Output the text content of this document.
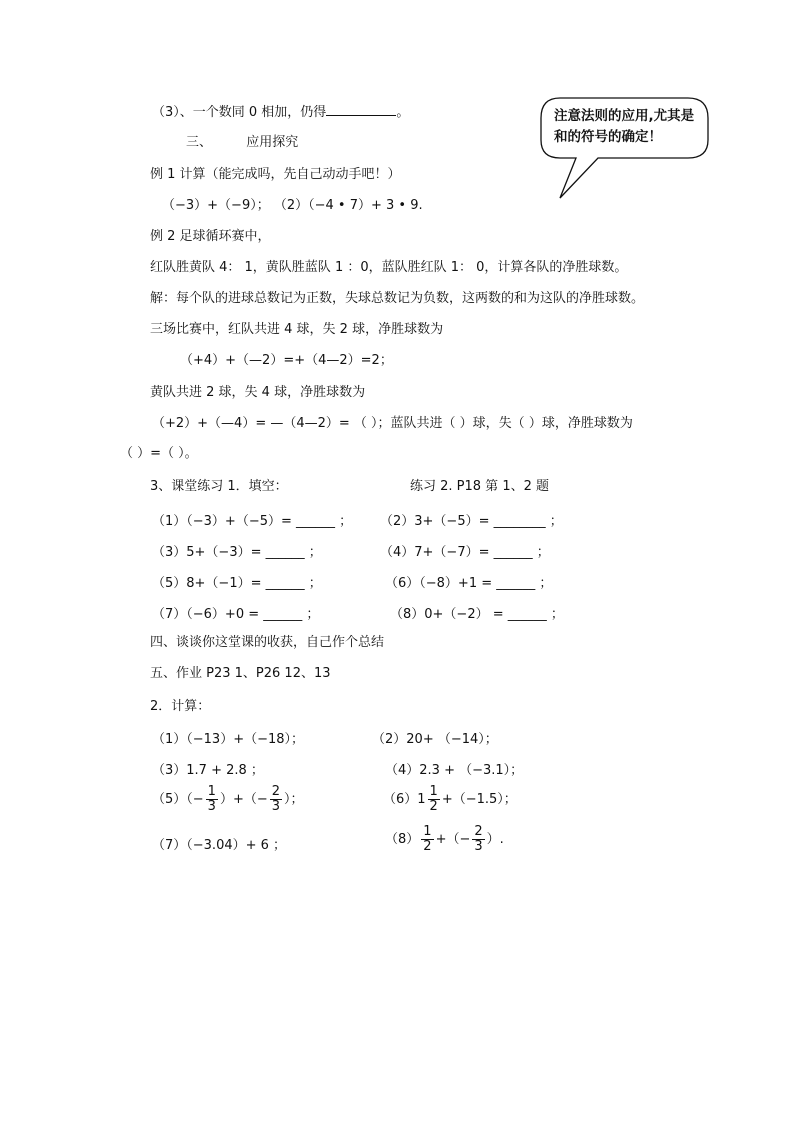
注意法则的应用,尤其是和的符号的确定！
（3）、一个数同 0 相加，仍得	。
三、	应用探究
例 1 计算（能完成吗，先自己动动手吧！）
（−3）+（−9）； （2）（−4 • 7）+ 3 • 9.
例 2 足球循环赛中，
红队胜黄队 4： 1，黄队胜蓝队 1 ：0，蓝队胜红队 1： 0，计算各队的净胜球数。
解：每个队的进球总数记为正数，失球总数记为负数，这两数的和为这队的净胜球数。
三场比赛中，红队共进 4 球，失 2 球，净胜球数为
（+4）+（—2）=+（4—2）=2；
黄队共进 2 球，失 4 球，净胜球数为
（+2）+（—4）= —（4—2）= （ ）；蓝队共进（ ）球，失（ ）球，净胜球数为
（ ）=（ ）。
3、课堂练习 1．填空：	练习 2. P18 第 1、2 题
（1）（−3）+（−5）= ______ ； （2）3+（−5）= ________ ；
（3）5+（−3）= ______ ；	（4）7+（−7）= ______ ；
（5）8+（−1）= ______ ；	（6）（−8）+1 = ______ ；
（7）（−6）+0 = ______ ；	（8）0+（−2） = ______ ；
四、谈谈你这堂课的收获，自己作个总结
五、作业 P23 1、P26 12、13
2．计算：
（1）（−13）+（−18）；	（2）20+ （−14）；
（3）1.7 + 2.8 ；	（4）2.3 + （−3.1）；
$(5)(- \frac{1}{3}$ ）+（− $\frac{2}{3}$ ）；	$(6)1 \frac{1}{2} +(-1.5)$；
（7）（−3.04）+ 6 ；	$(8) \frac{1}{2}$ +（− $\frac{2}{3}$ ）.
